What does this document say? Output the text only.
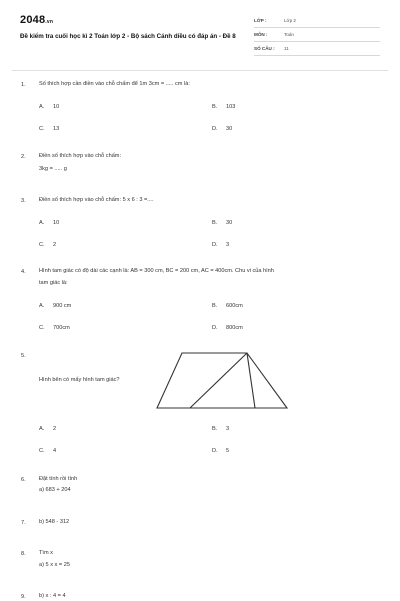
2048.vn
Đề kiểm tra cuối học kì 2 Toán lớp 2 - Bộ sách Cánh diều có đáp án - Đề 8
LỚP :	Lớp 2
MÔN :	Toán
SỐ CÂU : 11
1. Số thích hợp cần điền vào chỗ chấm để 1m 3cm = ..... cm là:
A. 10	B. 103
C. 13	D. 30
2. Điền số thích hợp vào chỗ chấm:
3kg = ..... g
3. Điền số thích hợp vào chỗ chấm: 5 x 6 : 3 =....
A. 10	B. 30
C. 2	D. 3
4. Hình tam giác có độ dài các cạnh là: AB = 300 cm, BC = 200 cm, AC = 400cm. Chu vi của hình
tam giác là:
A. 900 cm	B. 600cm
C. 700cm	D. 800cm
5.
Hình bên có mấy hình tam giác?
A. 2	B. 3
C. 4	D. 5
6. Đặt tính rồi tính
a) 683 + 204
7. b) 548 - 312
8. Tìm x
a) 5 x x = 25
9. b) x : 4 = 4
